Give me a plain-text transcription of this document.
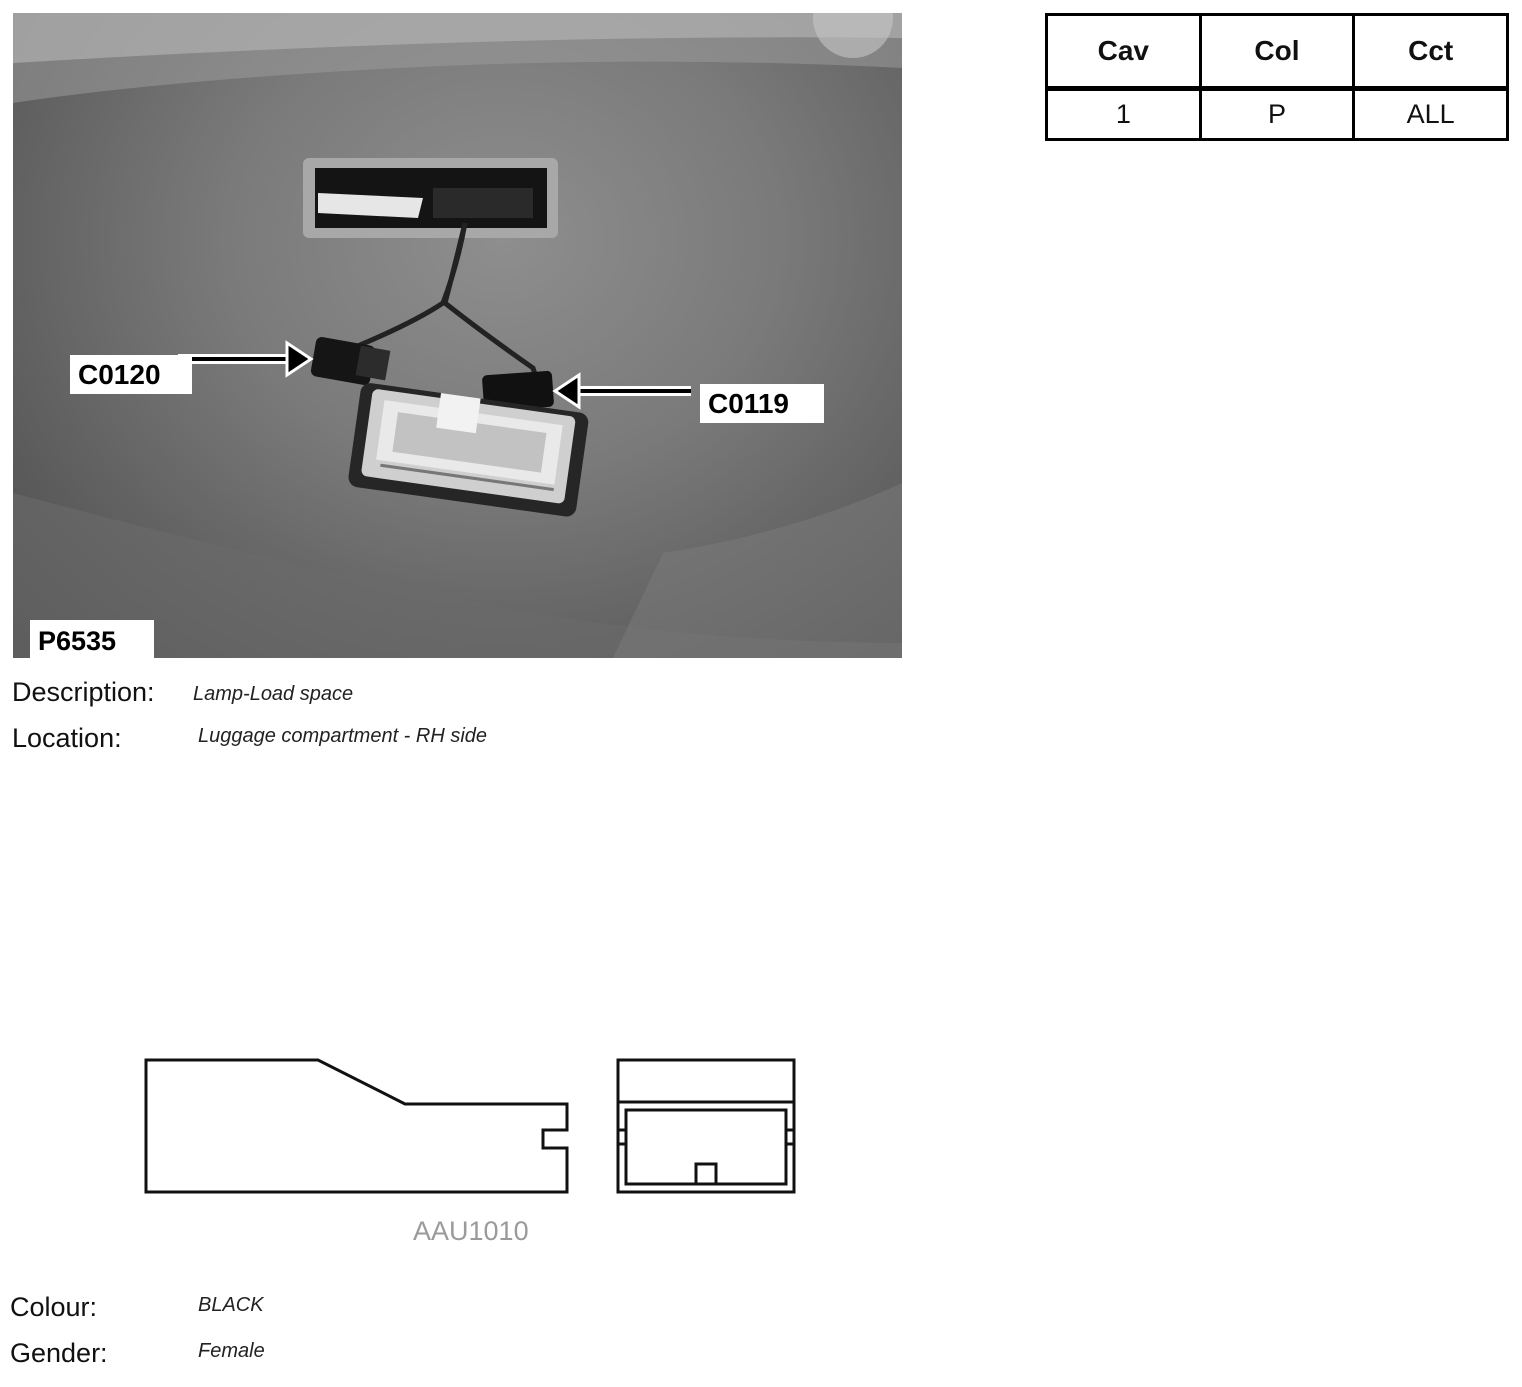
C0120
C0119
P6535
Description: Lamp-Load space
Location:	Luggage compartment - RH side
Cav	Col	Cct
1	P	ALL
AAU1010
Colour:	BLACK
Gender:	Female
